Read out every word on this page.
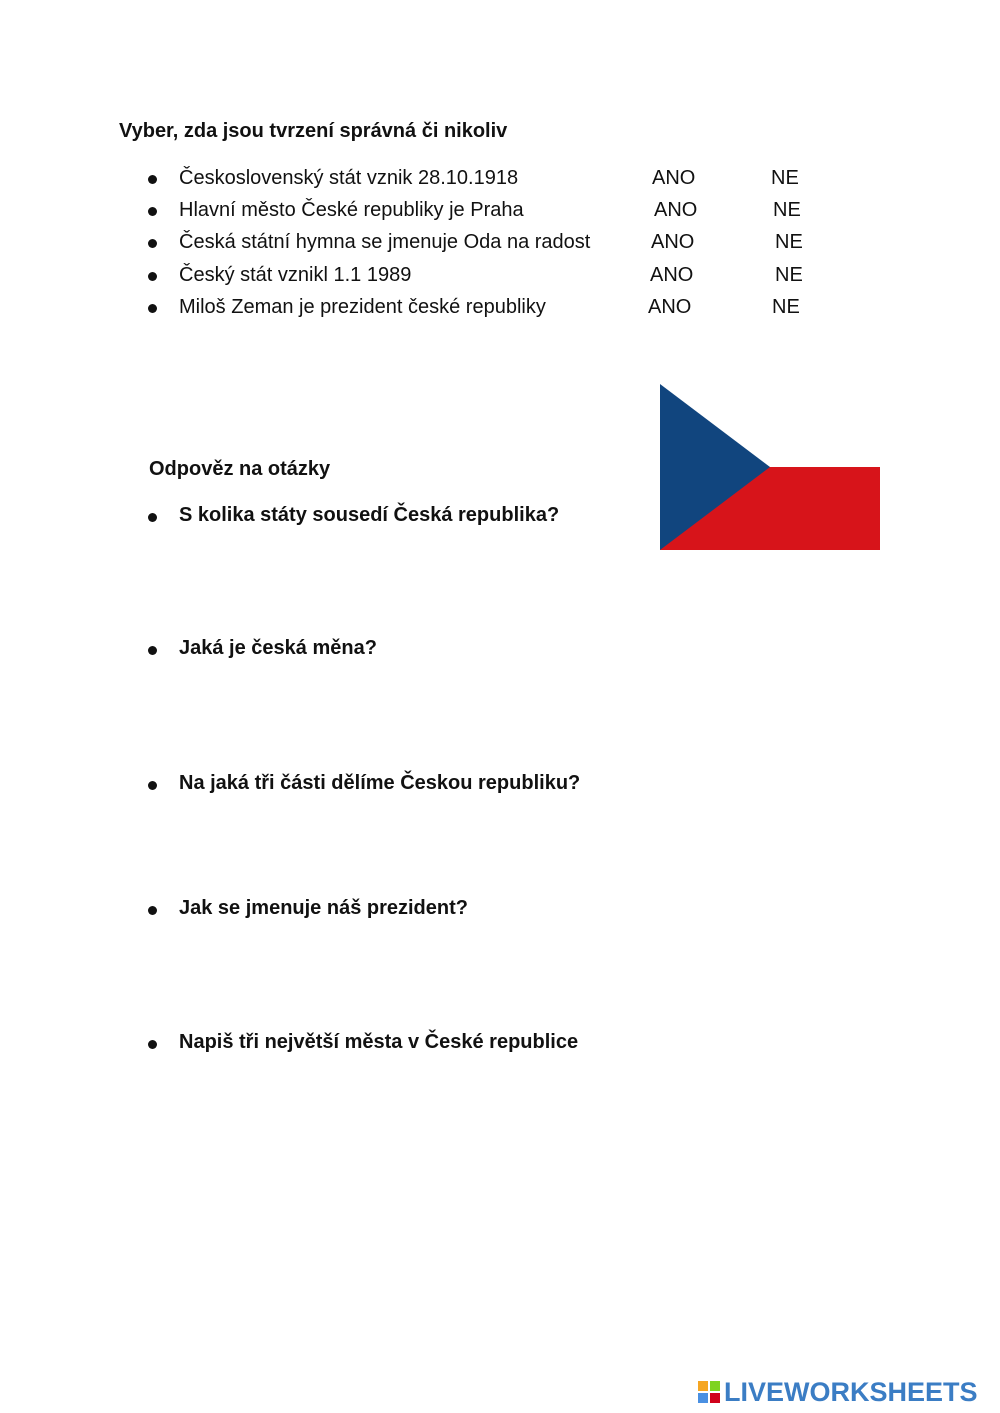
Vyber, zda jsou tvrzení správná či nikoliv
Československý stát vznik 28.10.1918	ANO	NE
Hlavní město České republiky je Praha	ANO	NE
Česká státní hymna se jmenuje Oda na radost	ANO	NE
Český stát vznikl 1.1 1989	ANO	NE
Miloš Zeman je prezident české republiky	ANO	NE
Odpověz na otázky
S kolika státy sousedí Česká republika?
Jaká je česká měna?
Na jaká tři části dělíme Českou republiku?
Jak se jmenuje náš prezident?
Napiš tři největší města v České republice
LIVEWORKSHEETS
